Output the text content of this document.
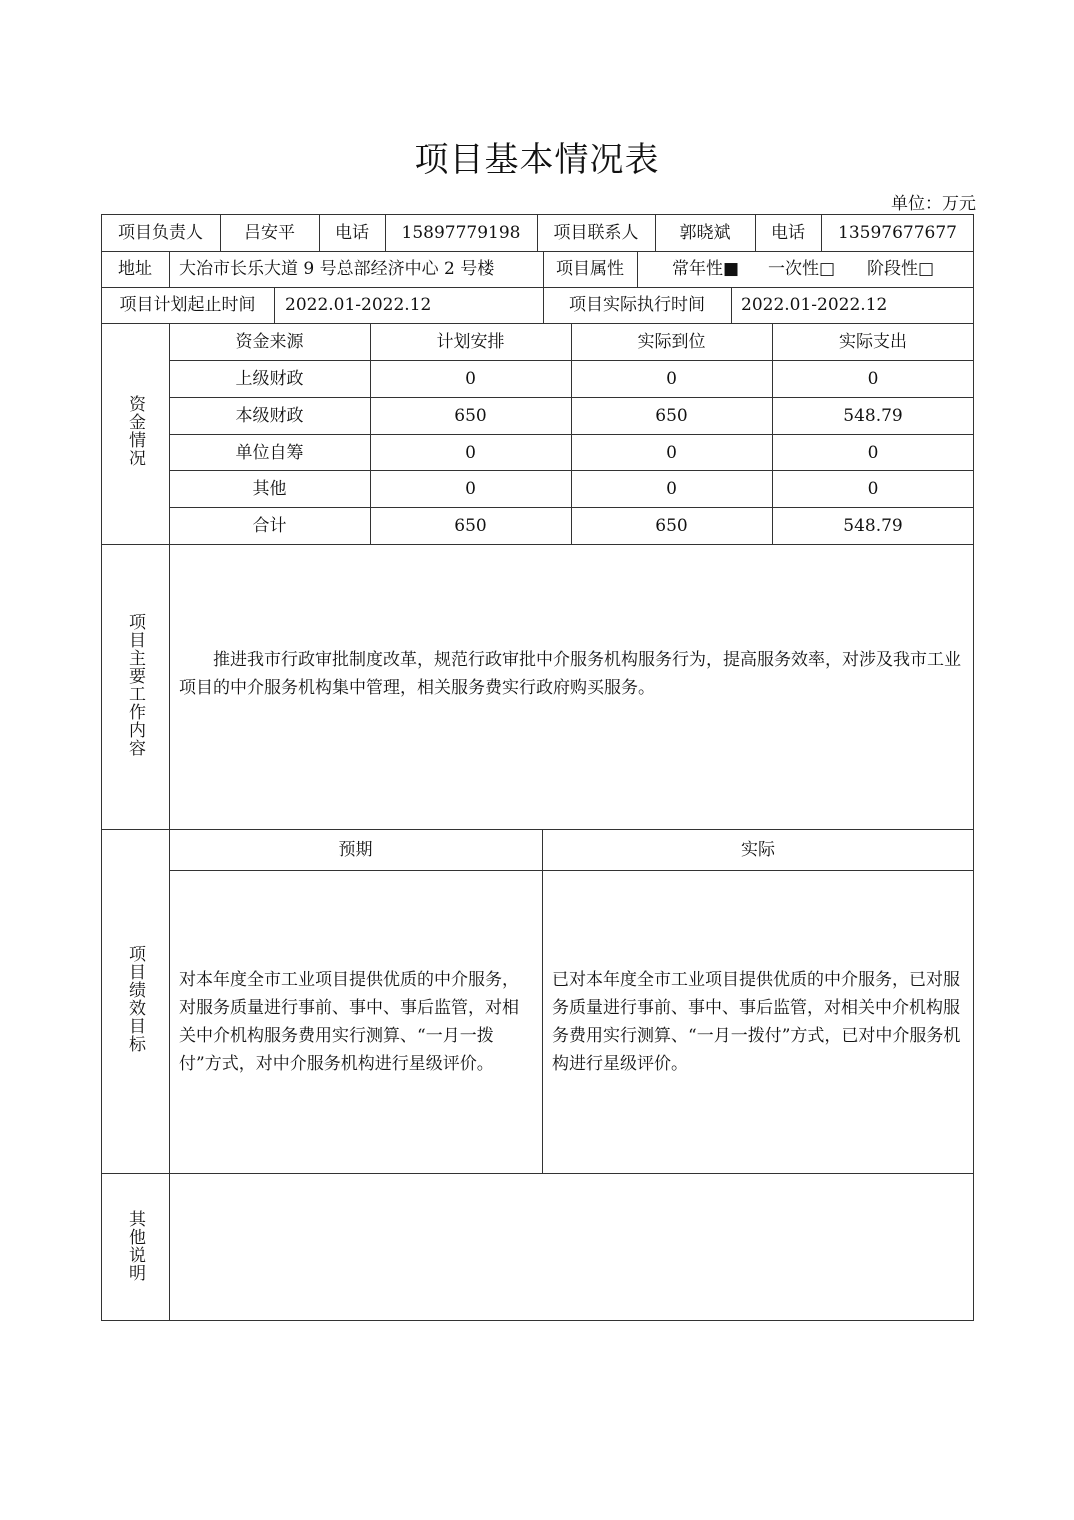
项目基本情况表
单位：万元
项目负责人	吕安平	电话	15897779198	项目联系人	郭晓斌	电话	13597677677
地址	大冶市长乐大道 9 号总部经济中心 2 号楼	项目属性	常年性■ 一次性□ 阶段性□
项目计划起止时间	2022.01-2022.12	项目实际执行时间	2022.01-2022.12
资金情况
资金来源	计划安排	实际到位	实际支出
上级财政	0	0	0
本级财政	650	650	548.79
单位自筹	0	0	0
其他	0	0	0
合计	650	650	548.79
项目主要工作内容 　　推进我市行政审批制度改革，规范行政审批中介服务机构服务行为，提高服务效率，对涉及我市工业项目的中介服务机构集中管理，相关服务费实行政府购买服务。
项目绩效目标
预期	实际
对本年度全市工业项目提供优质的中介服务，对服务质量进行事前、事中、事后监管，对相关中介机构服务费用实行测算、“一月一拨付”方式，对中介服务机构进行星级评价。
已对本年度全市工业项目提供优质的中介服务，已对服务质量进行事前、事中、事后监管，对相关中介机构服务费用实行测算、“一月一拨付”方式，已对中介服务机构进行星级评价。
其他说明
